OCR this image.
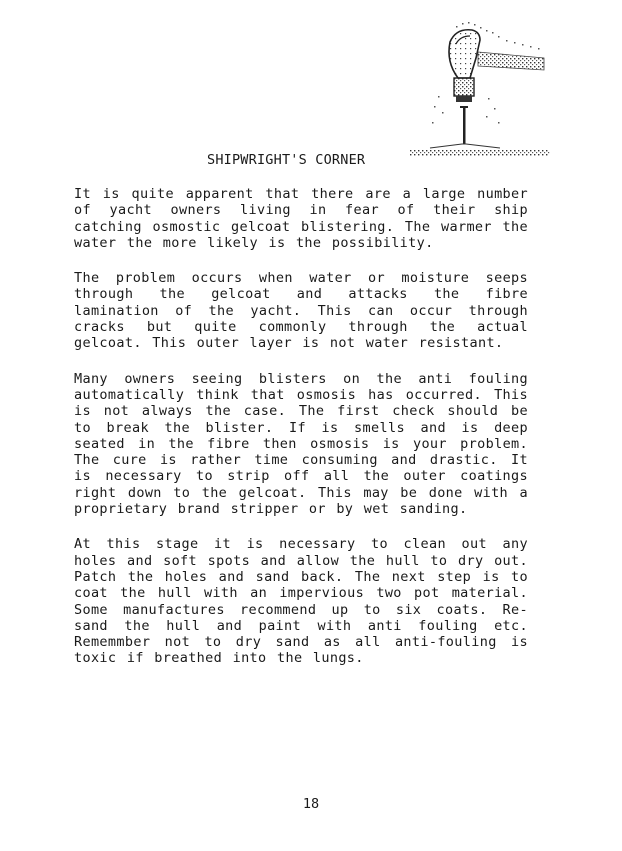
SHIPWRIGHT'S CORNER

It is quite apparent that there are a large number of yacht owners living in fear of their ship catching osmostic gelcoat blistering. The warmer the water the more likely is the possibility.

The problem occurs when water or moisture seeps through the gelcoat and attacks the fibre lamination of the yacht. This can occur through cracks but quite commonly through the actual gelcoat. This outer layer is not water resistant.

Many owners seeing blisters on the anti fouling automatically think that osmosis has occurred. This is not always the case. The first check should be to break the blister. If is smells and is deep seated in the fibre then osmosis is your problem. The cure is rather time consuming and drastic. It is necessary to strip off all the outer coatings right down to the gelcoat. This may be done with a proprietary brand stripper or by wet sanding.

At this stage it is necessary to clean out any holes and soft spots and allow the hull to dry out. Patch the holes and sand back. The next step is to coat the hull with an impervious two pot material. Some manufactures recommend up to six coats. Re-sand the hull and paint with anti fouling etc. Rememmber not to dry sand as all anti-fouling is toxic if breathed into the lungs.

18
